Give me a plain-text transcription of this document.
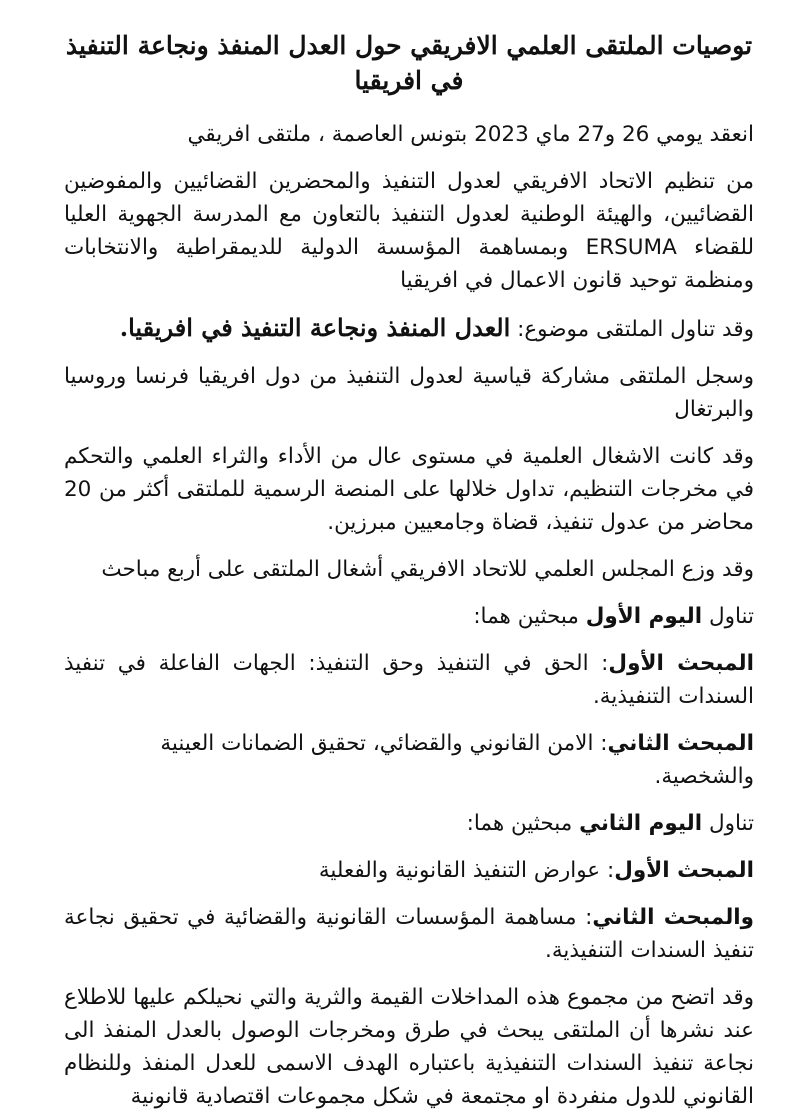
توصيات الملتقى العلمي الافريقي حول العدل المنفذ ونجاعة التنفيذ في افريقيا

انعقد يومي 26 و27 ماي 2023 بتونس العاصمة ، ملتقى افريقي

من تنظيم الاتحاد الافريقي لعدول التنفيذ والمحضرين القضائيين والمفوضين القضائيين، والهيئة الوطنية لعدول التنفيذ بالتعاون مع المدرسة الجهوية العليا للقضاء ERSUMA وبمساهمة المؤسسة الدولية للديمقراطية والانتخابات ومنظمة توحيد قانون الاعمال في افريقيا

وقد تناول الملتقى موضوع: العدل المنفذ ونجاعة التنفيذ في افريقيا.

وسجل الملتقى مشاركة قياسية لعدول التنفيذ من دول افريقيا فرنسا وروسيا والبرتغال

وقد كانت الاشغال العلمية في مستوى عال من الأداء والثراء العلمي والتحكم في مخرجات التنظيم، تداول خلالها على المنصة الرسمية للملتقى أكثر من 20 محاضر من عدول تنفيذ، قضاة وجامعيين مبرزين.

وقد وزع المجلس العلمي للاتحاد الافريقي أشغال الملتقى على أربع مباحث

تناول اليوم الأول مبحثين هما:

المبحث الأول: الحق في التنفيذ وحق التنفيذ: الجهات الفاعلة في تنفيذ السندات التنفيذية.

المبحث الثاني: الامن القانوني والقضائي، تحقيق الضمانات العينية والشخصية.

تناول اليوم الثاني مبحثين هما:

المبحث الأول: عوارض التنفيذ القانونية والفعلية

والمبحث الثاني: مساهمة المؤسسات القانونية والقضائية في تحقيق نجاعة تنفيذ السندات التنفيذية.

وقد اتضح من مجموع هذه المداخلات القيمة والثرية والتي نحيلكم عليها للاطلاع عند نشرها أن الملتقى يبحث في طرق ومخرجات الوصول بالعدل المنفذ الى نجاعة تنفيذ السندات التنفيذية باعتباره الهدف الاسمى للعدل المنفذ وللنظام القانوني للدول منفردة او مجتمعة في شكل مجموعات اقتصادية قانونية
